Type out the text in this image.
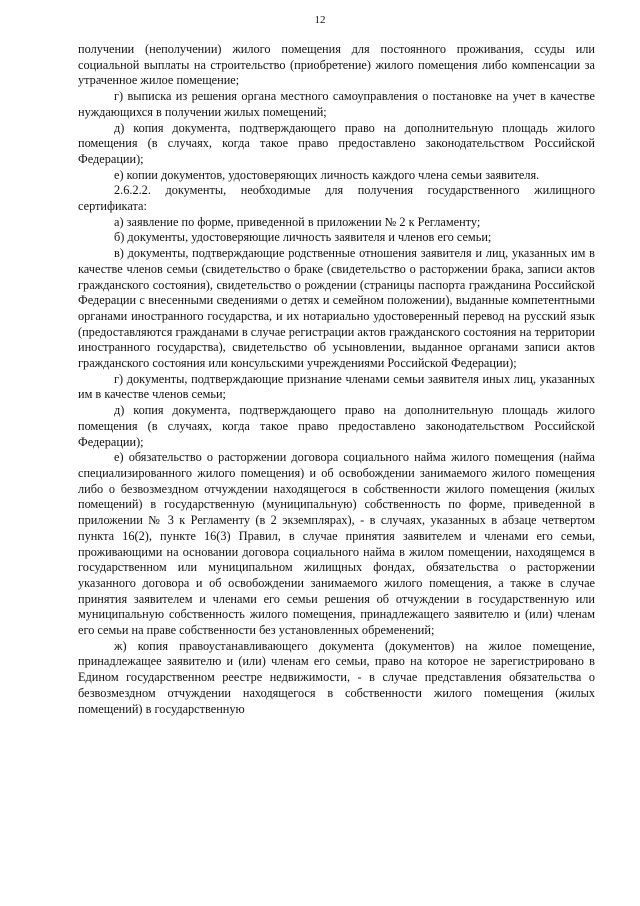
12

получении (неполучении) жилого помещения для постоянного проживания, ссуды или социальной выплаты на строительство (приобретение) жилого помещения либо компенсации за утраченное жилое помещение;

г) выписка из решения органа местного самоуправления о постановке на учет в качестве нуждающихся в получении жилых помещений;

д) копия документа, подтверждающего право на дополнительную площадь жилого помещения (в случаях, когда такое право предоставлено законодательством Российской Федерации);

е) копии документов, удостоверяющих личность каждого члена семьи заявителя.

2.6.2.2. документы, необходимые для получения государственного жилищного сертификата:

а) заявление по форме, приведенной в приложении № 2 к Регламенту;

б) документы, удостоверяющие личность заявителя и членов его семьи;

в) документы, подтверждающие родственные отношения заявителя и лиц, указанных им в качестве членов семьи (свидетельство о браке (свидетельство о расторжении брака, записи актов гражданского состояния), свидетельство о рождении (страницы паспорта гражданина Российской Федерации с внесенными сведениями о детях и семейном положении), выданные компетентными органами иностранного государства, и их нотариально удостоверенный перевод на русский язык (предоставляются гражданами в случае регистрации актов гражданского состояния на территории иностранного государства), свидетельство об усыновлении, выданное органами записи актов гражданского состояния или консульскими учреждениями Российской Федерации);

г) документы, подтверждающие признание членами семьи заявителя иных лиц, указанных им в качестве членов семьи;

д) копия документа, подтверждающего право на дополнительную площадь жилого помещения (в случаях, когда такое право предоставлено законодательством Российской Федерации);

е) обязательство о расторжении договора социального найма жилого помещения (найма специализированного жилого помещения) и об освобождении занимаемого жилого помещения либо о безвозмездном отчуждении находящегося в собственности жилого помещения (жилых помещений) в государственную (муниципальную) собственность по форме, приведенной в приложении № 3 к Регламенту (в 2 экземплярах), - в случаях, указанных в абзаце четвертом пункта 16(2), пункте 16(3) Правил, в случае принятия заявителем и членами его семьи, проживающими на основании договора социального найма в жилом помещении, находящемся в государственном или муниципальном жилищных фондах, обязательства о расторжении указанного договора и об освобождении занимаемого жилого помещения, а также в случае принятия заявителем и членами его семьи решения об отчуждении в государственную или муниципальную собственность жилого помещения, принадлежащего заявителю и (или) членам его семьи на праве собственности без установленных обременений;

ж) копия правоустанавливающего документа (документов) на жилое помещение, принадлежащее заявителю и (или) членам его семьи, право на которое не зарегистрировано в Едином государственном реестре недвижимости, - в случае представления обязательства о безвозмездном отчуждении находящегося в собственности жилого помещения (жилых помещений) в государственную
